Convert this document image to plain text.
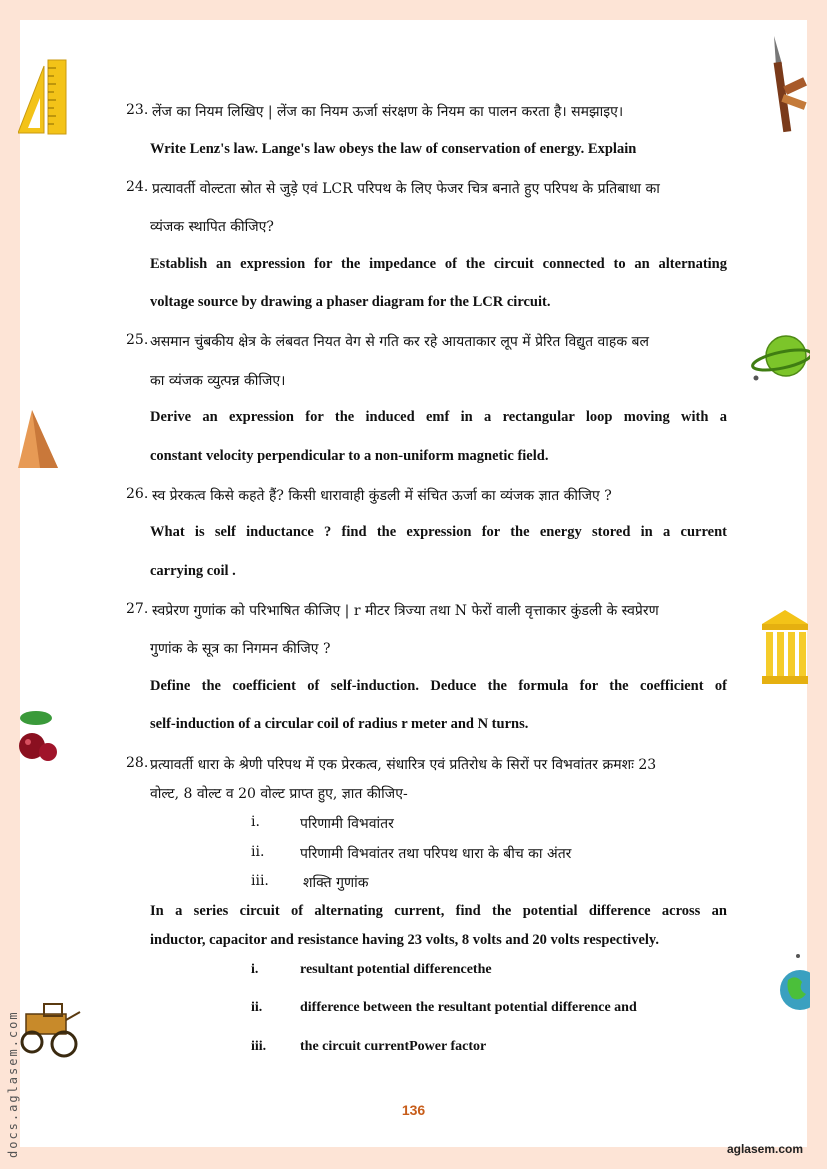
23. लेंज का नियम लिखिए | लेंज का नियम ऊर्जा संरक्षण के नियम का पालन करता है। समझाइए।
Write Lenz's law. Lange's law obeys the law of conservation of energy. Explain
24. प्रत्यावर्ती वोल्टता स्रोत से जुड़े एवं LCR परिपथ के लिए फेजर चित्र बनाते हुए परिपथ के प्रतिबाधा का
व्यंजक स्थापित कीजिए?
Establish an expression for the impedance of the circuit connected to an alternating
voltage source by drawing a phaser diagram for the LCR circuit.
25. असमान चुंबकीय क्षेत्र के लंबवत नियत वेग से गति कर रहे आयताकार लूप में प्रेरित विद्युत वाहक बल
का व्यंजक व्युत्पन्न कीजिए।
Derive an expression for the induced emf in a rectangular loop moving with a
constant velocity perpendicular to a non-uniform magnetic field.
26. स्व प्रेरकत्व किसे कहते हैं? किसी धारावाही कुंडली में संचित ऊर्जा का व्यंजक ज्ञात कीजिए ?
What is self inductance ? find the expression for the energy stored in a current
carrying coil .
27. स्वप्रेरण गुणांक को परिभाषित कीजिए | r मीटर त्रिज्या तथा N फेरों वाली वृत्ताकार कुंडली के स्वप्रेरण
गुणांक के सूत्र का निगमन कीजिए ?
Define the coefficient of self-induction. Deduce the formula for the coefficient of
self-induction of a circular coil of radius r meter and N turns.
28. प्रत्यावर्ती धारा के श्रेणी परिपथ में एक प्रेरकत्व, संधारित्र एवं प्रतिरोध के सिरों पर विभवांतर क्रमशः 23
वोल्ट, 8 वोल्ट व 20 वोल्ट प्राप्त हुए, ज्ञात कीजिए-
i.	परिणामी विभवांतर
ii.	परिणामी विभवांतर तथा परिपथ धारा के बीच का अंतर
iii. शक्ति गुणांक
In a series circuit of alternating current, find the potential difference across an
inductor, capacitor and resistance having 23 volts, 8 volts and 20 volts respectively.
i.	resultant potential differencethe
ii.	difference between the resultant potential difference and
iii. the circuit currentPower factor
136
aglasem.com
docs.aglasem.com
